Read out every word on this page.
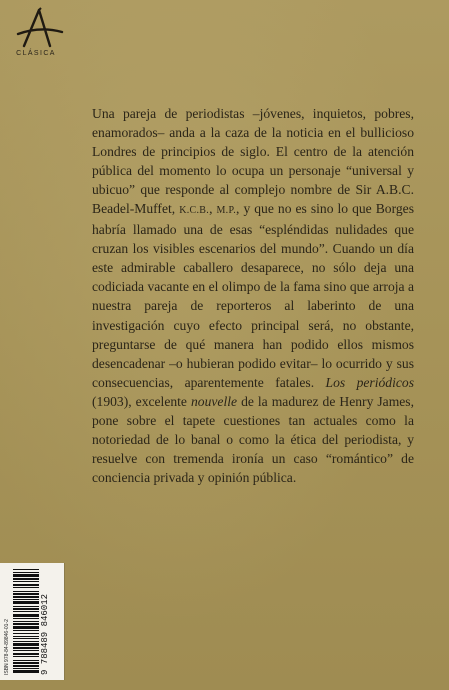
CLÁSICA
Una pareja de periodistas –jóvenes, inquietos, pobres, enamorados– anda a la caza de la noticia en el bullicioso Londres de principios de siglo. El centro de la atención pública del momento lo ocupa un personaje “universal y ubicuo” que responde al complejo nombre de Sir A.B.C. Beadel-Muffet, K.C.B., M.P., y que no es sino lo que Borges habría llamado una de esas “espléndidas nulidades que cruzan los visibles escenarios del mundo”. Cuando un día este admirable caballero desaparece, no sólo deja una codiciada vacante en el olimpo de la fama sino que arroja a nuestra pareja de reporteros al laberinto de una investigación cuyo efecto principal será, no obstante, preguntarse de qué manera han podido ellos mismos desencadenar –o hubieran podido evitar– lo ocurrido y sus consecuencias, aparentemente fatales. Los periódicos (1903), excelente nouvelle de la madurez de Henry James, pone sobre el tapete cuestiones tan actuales como la notoriedad de lo banal o como la ética del periodista, y resuelve con tremenda ironía un caso “romántico” de conciencia privada y opinión pública.
9 788489 846012
ISBN 978-84-89846-01-2
